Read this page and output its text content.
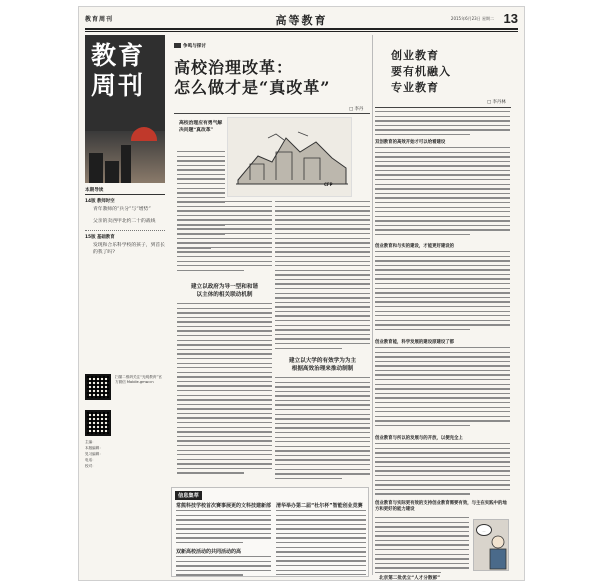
教育周刊	高等教育	2015年6月23日 星期二 13
教育周刊
本期导读
14版 教师时空
青年教师的“兵分”与“增势”
父亲的卖西甲北约二十的战线
15版 基础教育
发现和合乐科学校的孩子，到首长的我了吗?
扫描二维码关注“光明教育”官方微信 Mobile.gmw.cn
主编：
本版编辑：
见习编辑：
电话：
校对：
争鸣与探讨
高校治理改革：
怎么做才是“真改革”
□ 李丹
高校治理应有勇气解决问题“真改革”
CFP
建立以政府为导一型和和谐
以主体的相关联动机制
建立以大学的有效学为为主
根据高效治理来推动制制
创业教育
要有机融入
专业教育
□ 李丹林
双创教育的高效开始才可以给看建设
创业教育和与实的建设，才能更好建设的
创业教育能，科学发展的建设原建设了都
创业教育与所以的发展与的开放，以便完全上
创业教育与实际更有效的支持创业教育需要有效，与主在实践中的地方和更好的能力建设
…
信息集萃
常熊科技学校首次赛事展更的文科技建新部
双新高校活动的共同活动的高
清华举办第二届“杜尔杯”智能创业竞赛
北京第二批优立“人才分散部”
